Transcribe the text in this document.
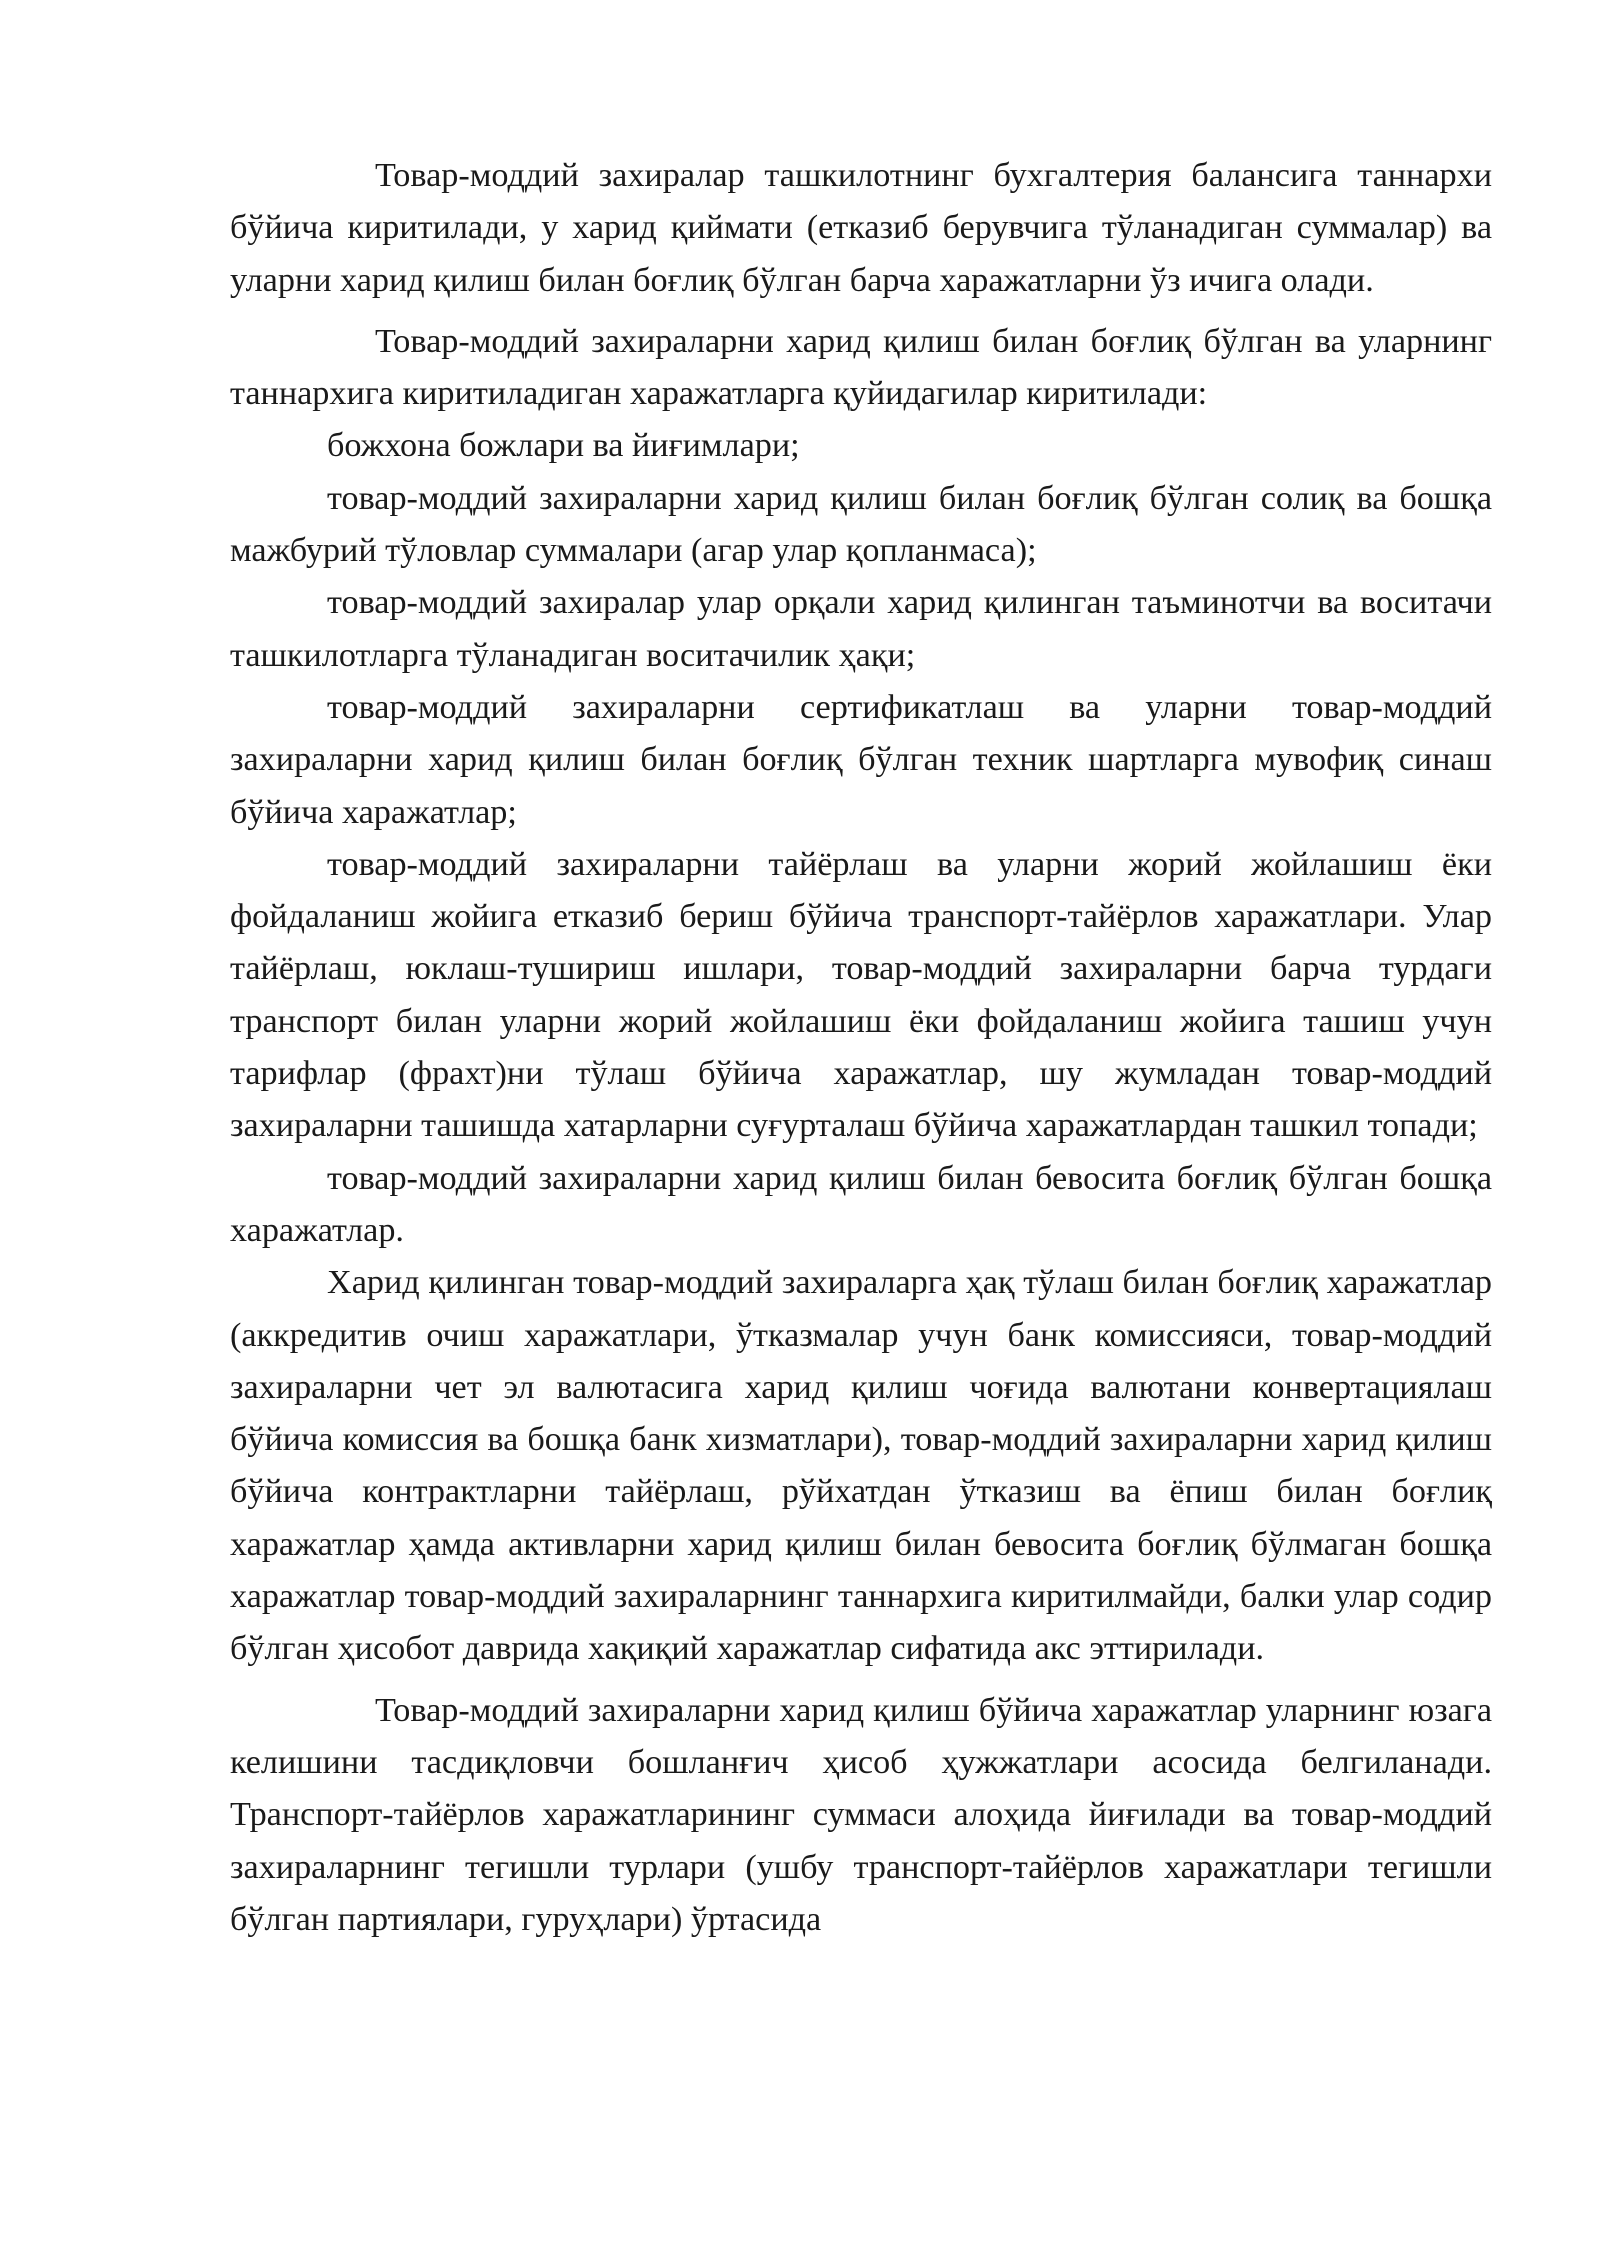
Товар-моддий захиралар ташкилотнинг бухгалтерия балансига таннархи бўйича киритилади, у харид қиймати (етказиб берувчига тўланадиган суммалар) ва уларни харид қилиш билан боғлиқ бўлган барча харажатларни ўз ичига олади.

Товар-моддий захираларни харид қилиш билан боғлиқ бўлган ва уларнинг таннархига киритиладиган харажатларга қуйидагилар киритилади:

божхона божлари ва йиғимлари;

товар-моддий захираларни харид қилиш билан боғлиқ бўлган солиқ ва бошқа мажбурий тўловлар суммалари (агар улар қопланмаса);

товар-моддий захиралар улар орқали харид қилинган таъминотчи ва воситачи ташкилотларга тўланадиган воситачилик ҳақи;

товар-моддий захираларни сертификатлаш ва уларни товар-моддий захираларни харид қилиш билан боғлиқ бўлган техник шартларга мувофиқ синаш бўйича харажатлар;

товар-моддий захираларни тайёрлаш ва уларни жорий жойлашиш ёки фойдаланиш жойига етказиб бериш бўйича транспорт-тайёрлов харажатлари. Улар тайёрлаш, юклаш-тушириш ишлари, товар-моддий захираларни барча турдаги транспорт билан уларни жорий жойлашиш ёки фойдаланиш жойига ташиш учун тарифлар (фрахт)ни тўлаш бўйича харажатлар, шу жумладан товар-моддий захираларни ташишда хатарларни суғурталаш бўйича харажатлардан ташкил топади;

товар-моддий захираларни харид қилиш билан бевосита боғлиқ бўлган бошқа харажатлар.

Харид қилинган товар-моддий захираларга ҳақ тўлаш билан боғлиқ харажатлар (аккредитив очиш харажатлари, ўтказмалар учун банк комиссияси, товар-моддий захираларни чет эл валютасига харид қилиш чоғида валютани конвертациялаш бўйича комиссия ва бошқа банк хизматлари), товар-моддий захираларни харид қилиш бўйича контрактларни тайёрлаш, рўйхатдан ўтказиш ва ёпиш билан боғлиқ харажатлар ҳамда активларни харид қилиш билан бевосита боғлиқ бўлмаган бошқа харажатлар товар-моддий захираларнинг таннархига киритилмайди, балки улар содир бўлган ҳисобот даврида хақиқий харажатлар сифатида акс эттирилади.

Товар-моддий захираларни харид қилиш бўйича харажатлар уларнинг юзага келишини тасдиқловчи бошланғич ҳисоб ҳужжатлари асосида белгиланади. Транспорт-тайёрлов харажатларининг суммаси алоҳида йиғилади ва товар-моддий захираларнинг тегишли турлари (ушбу транспорт-тайёрлов харажатлари тегишли бўлган партиялари, гуруҳлари) ўртасида
